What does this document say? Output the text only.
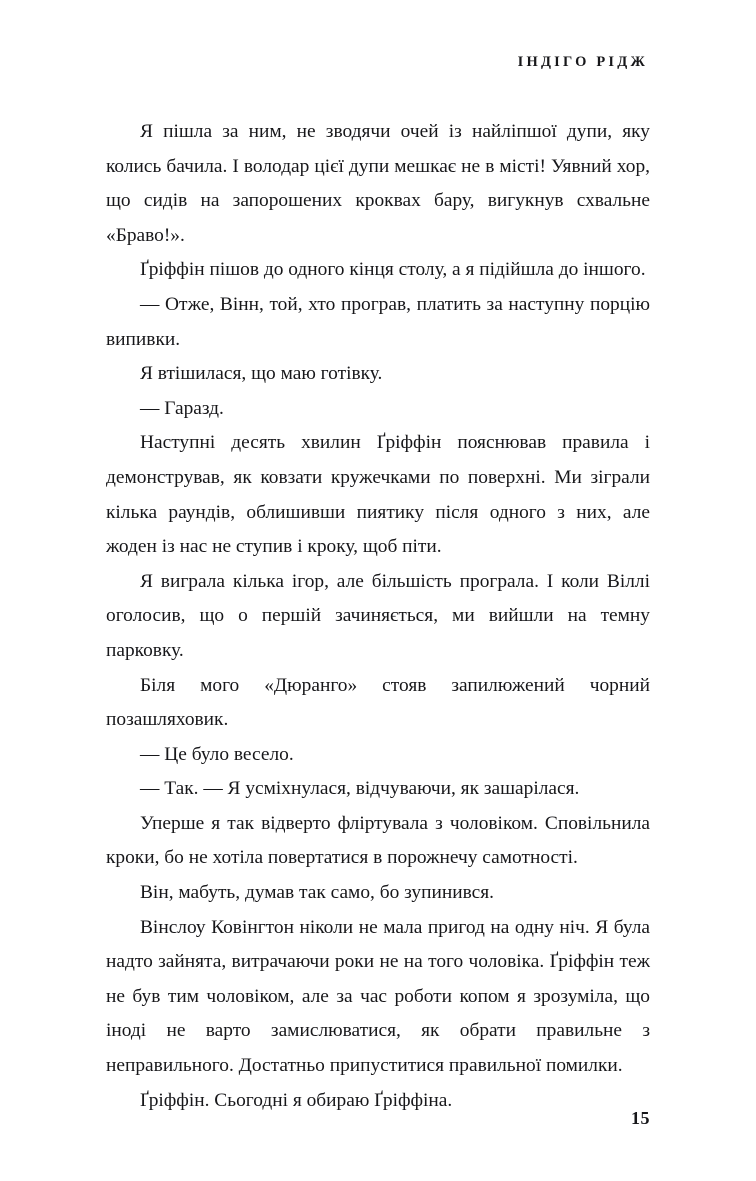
ІНДІГО РІДЖ

Я пішла за ним, не зводячи очей із найліпшої дупи, яку колись бачила. І володар цієї дупи мешкає не в місті! Уявний хор, що сидів на запорошених кроквах бару, вигукнув схвальне «Браво!».

Ґріффін пішов до одного кінця столу, а я підійшла до іншого.

— Отже, Вінн, той, хто програв, платить за наступну порцію випивки.

Я втішилася, що маю готівку.

— Гаразд.

Наступні десять хвилин Ґріффін пояснював правила і демонстрував, як ковзати кружечками по поверхні. Ми зіграли кілька раундів, облишивши пиятику після одного з них, але жоден із нас не ступив і кроку, щоб піти.

Я виграла кілька ігор, але більшість програла. І коли Віллі оголосив, що о першій зачиняється, ми вийшли на темну парковку.

Біля мого «Дюранго» стояв запилюжений чорний позашляховик.

— Це було весело.

— Так. — Я усміхнулася, відчуваючи, як зашарілася.

Уперше я так відверто фліртувала з чоловіком. Сповільнила кроки, бо не хотіла повертатися в порожнечу самотності.

Він, мабуть, думав так само, бо зупинився.

Вінслоу Ковінгтон ніколи не мала пригод на одну ніч. Я була надто зайнята, витрачаючи роки не на того чоловіка. Ґріффін теж не був тим чоловіком, але за час роботи копом я зрозуміла, що іноді не варто замислюватися, як обрати правильне з неправильного. Достатньо припуститися правильної помилки.

Ґріффін. Сьогодні я обираю Ґріффіна.

15
